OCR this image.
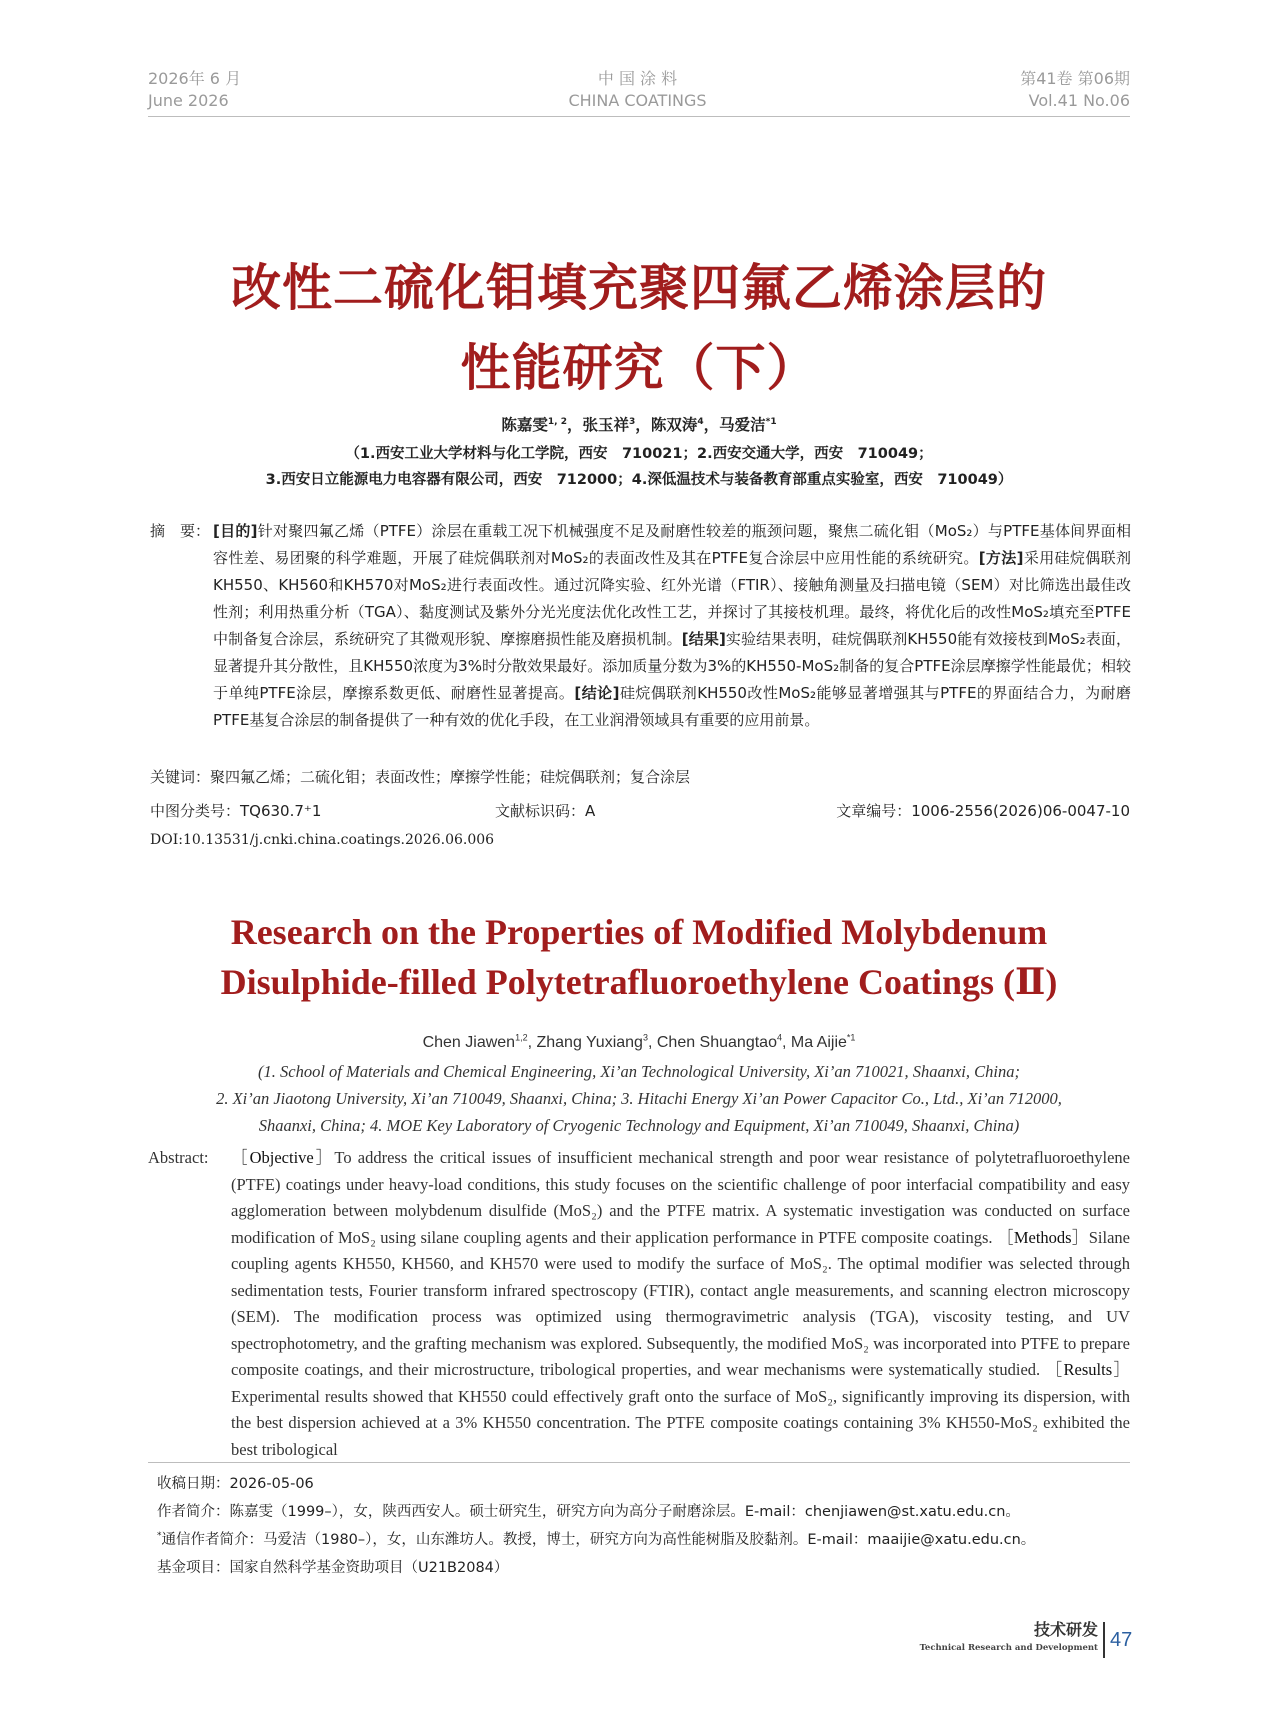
2026年 6 月
June 2026
中 国 涂 料
CHINA COATINGS
第41卷 第06期
Vol.41 No.06
改性二硫化钼填充聚四氟乙烯涂层的
性能研究（下）
陈嘉雯$^{1, 2}$，张玉祥$^3$，陈双涛$^4$，马爱洁$^{*1}$
（1.西安工业大学材料与化工学院，西安　710021；2.西安交通大学，西安　710049；
3.西安日立能源电力电容器有限公司，西安　712000；4.深低温技术与装备教育部重点实验室，西安　710049）
摘　要： [目的]针对聚四氟乙烯（PTFE）涂层在重载工况下机械强度不足及耐磨性较差的瓶颈问题，聚焦二硫化钼（MoS₂）与PTFE基体间界面相容性差、易团聚的科学难题，开展了硅烷偶联剂对MoS₂的表面改性及其在PTFE复合涂层中应用性能的系统研究。[方法]采用硅烷偶联剂KH550、KH560和KH570对MoS₂进行表面改性。通过沉降实验、红外光谱（FTIR）、接触角测量及扫描电镜（SEM）对比筛选出最佳改性剂；利用热重分析（TGA）、黏度测试及紫外分光光度法优化改性工艺，并探讨了其接枝机理。最终，将优化后的改性MoS₂填充至PTFE中制备复合涂层，系统研究了其微观形貌、摩擦磨损性能及磨损机制。[结果]实验结果表明，硅烷偶联剂KH550能有效接枝到MoS₂表面，显著提升其分散性，且KH550浓度为3%时分散效果最好。添加质量分数为3%的KH550-MoS₂制备的复合PTFE涂层摩擦学性能最优；相较于单纯PTFE涂层，摩擦系数更低、耐磨性显著提高。[结论]硅烷偶联剂KH550改性MoS₂能够显著增强其与PTFE的界面结合力，为耐磨PTFE基复合涂层的制备提供了一种有效的优化手段，在工业润滑领域具有重要的应用前景。
关键词：聚四氟乙烯；二硫化钼；表面改性；摩擦学性能；硅烷偶联剂；复合涂层
中图分类号：TQ630.7⁺1	文献标识码：A	文章编号：1006-2556(2026)06-0047-10
DOI:10.13531/j.cnki.china.coatings.2026.06.006
Research on the Properties of Modified Molybdenum
Disulphide-filled Polytetrafluoroethylene Coatings (Ⅱ)
Chen Jiawen$^{1,2}$, Zhang Yuxiang$^3$, Chen Shuangtao$^4$, Ma Aijie$^{*1}$
(1. School of Materials and Chemical Engineering, Xi’an Technological University, Xi’an 710021, Shaanxi, China;
2. Xi’an Jiaotong University, Xi’an 710049, Shaanxi, China; 3. Hitachi Energy Xi’an Power Capacitor Co., Ltd., Xi’an 712000,
Shaanxi, China; 4. MOE Key Laboratory of Cryogenic Technology and Equipment, Xi’an 710049, Shaanxi, China)
Abstract: ［Objective］To address the critical issues of insufficient mechanical strength and poor wear resistance of polytetrafluoroethylene (PTFE) coatings under heavy-load conditions, this study focuses on the scientific challenge of poor interfacial compatibility and easy agglomeration between molybdenum disulfide (MoS₂) and the PTFE matrix. A systematic investigation was conducted on surface modification of MoS₂ using silane coupling agents and their application performance in PTFE composite coatings. ［Methods］Silane coupling agents KH550, KH560, and KH570 were used to modify the surface of MoS₂. The optimal modifier was selected through sedimentation tests, Fourier transform infrared spectroscopy (FTIR), contact angle measurements, and scanning electron microscopy (SEM). The modification process was optimized using thermogravimetric analysis (TGA), viscosity testing, and UV spectrophotometry, and the grafting mechanism was explored. Subsequently, the modified MoS₂ was incorporated into PTFE to prepare composite coatings, and their microstructure, tribological properties, and wear mechanisms were systematically studied. ［Results］Experimental results showed that KH550 could effectively graft onto the surface of MoS₂, significantly improving its dispersion, with the best dispersion achieved at a 3% KH550 concentration. The PTFE composite coatings containing 3% KH550-MoS₂ exhibited the best tribological
收稿日期：2026-05-06
作者简介：陈嘉雯（1999–），女，陕西西安人。硕士研究生，研究方向为高分子耐磨涂层。E-mail：chenjiawen@st.xatu.edu.cn。
*通信作者简介：马爱洁（1980–），女，山东潍坊人。教授，博士，研究方向为高性能树脂及胶黏剂。E-mail：maaijie@xatu.edu.cn。
基金项目：国家自然科学基金资助项目（U21B2084）
技术研发
Technical Research and Development 47
